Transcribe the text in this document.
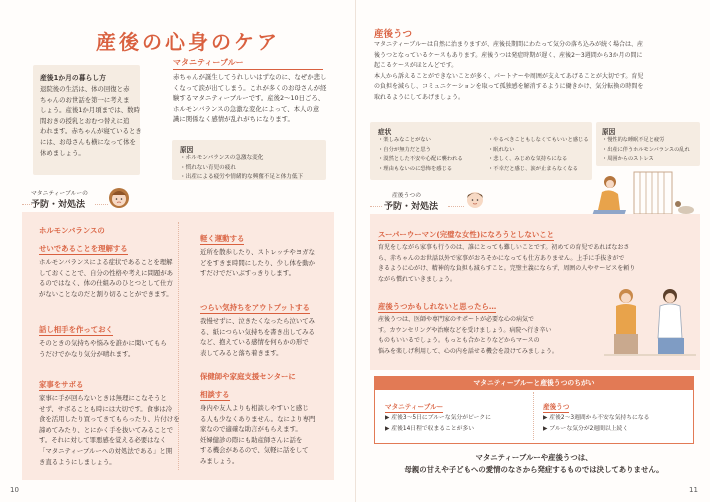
産後の心身のケア
産後1か月の暮らし方
退院後の生活は、体の回復と赤
ちゃんのお世話を第一に考えま
しょう。産後1か月頃までは、数時
間おきの授乳とおむつ替えに追
われます。赤ちゃんが寝ているとき
には、お母さんも横になって体を
休めましょう。
マタニティーブルー
赤ちゃんが誕生してうれしいはずなのに、なぜか悲し
くなって涙が出てしまう。これが多くのお母さんが経
験するマタニティーブルーです。産後2〜10日ごろ、
ホルモンバランスの急激な変化によって、本人の意
識に関係なく感情が乱れがちになります。
原因
・ホルモンバランスの急激な変化
・慣れない育児の疲れ
・出産による疲労や情緒的な興奮不足と体力低下
マタニティーブルーの
予防・対処法
ホルモンバランスの
せいであることを理解する
ホルモンバランスによる症状であることを理解
しておくことで、自分の性格や考えに問題があ
るのではなく、体の仕組みのひとつとして仕方
がないことなのだと割り切ることができます。
話し相手を作っておく
そのときの気持ちや悩みを誰かに聞いてもら
うだけでかなり気分が晴れます。
家事をサボる
家事に手が回らないときは無理にこなそうと
せず、サボることも時には大切です。食事は冷
食を活用したり買ってきてもらったり、片付けを
諦めてみたり、とにかく手を抜いてみることで
す。それに対して罪悪感を覚える必要はなく
「マタニティーブルーへの対処法である」と開
き直るようにしましょう。
軽く運動する
近所を散歩したり、ストレッチやヨガな
どをすきま時間にしたり、少し体を動か
すだけでだいぶすっきりします。
つらい気持ちをアウトプットする
我慢せずに、泣きたくなったら泣いてみ
る、紙につらい気持ちを書き出してみる
など、抱えている感情を何らかの形で
表してみると落ち着きます。
保健師や家庭支援センターに
相談する
身内や友人よりも相談しやすいと感じ
る人も少なくありません。なにより専門
家なので適確な助言がもらえます。
妊婦健診の際にも助産師さんに話を
する機会があるので、気軽に話をして
みましょう。
10
産後うつ
マタニティーブルーは自然に治まりますが、産後長期間にわたって気分の落ち込みが続く場合は、産
後うつとなっているケースもあります。産後うつは発症時期が遅く、産後2〜3週間から3か月の間に
起こるケースがほとんどです。
本人から訴えることができないことが多く、パートナーや周囲が支えてあげることが大切です。育児
の負担を減らし、コミュニケーションを取って孤独感を解消するように働きかけ、気分転換の時間を
取れるようにしてあげましょう。
症状
・楽しみなことがない
・自分が無力だと思う
・漠然とした不安や心配に襲われる
・理由もないのに恐怖を感じる
・やるべきこともしなくてもいいと感じる
・眠れない
・悲しく、みじめな気持ちになる
・不幸だと感じ、涙が止まらなくなる
原因
・慢性的な睡眠不足と疲労
・出産に伴うホルモンバランスの乱れ
・周囲からのストレス
産後うつの
予防・対処法
スーパーウーマン(完璧な女性)になろうとしないこと
育児をしながら家事も行うのは、誰にとっても難しいことです。初めての育児であればなおさ
ら、赤ちゃんのお世話以外で家事がおろそかになっても仕方ありません。上手に手抜きがで
きるように心がけ、精神的な負担も減らすこと。完璧主義にならず、周囲の人やサービスを頼り
ながら慣れていきましょう。
産後うつかもしれないと思ったら…
産後うつは、医師や専門家のサポートが必要な心の病気で
す。カウンセリングや治療などを受けましょう。病院へ行き辛い
ものもいいるでしょう。もっとも合かとりなどからマースの
悩みを楽しげ利用して、心の内を話せる機会を設けてみましょう。
マタニティーブルーと産後うつのちがい
マタニティーブルー
▶ 産後3〜5日にブルーな気分がピークに
▶ 産後14日程で収まることが多い
産後うつ
▶ 産後2〜3週間から不安な気持ちになる
▶ ブルーな気分が2週間以上続く
マタニティーブルーや産後うつは、
母親の甘えや子どもへの愛情のなさから発症するものでは決してありません。
11
